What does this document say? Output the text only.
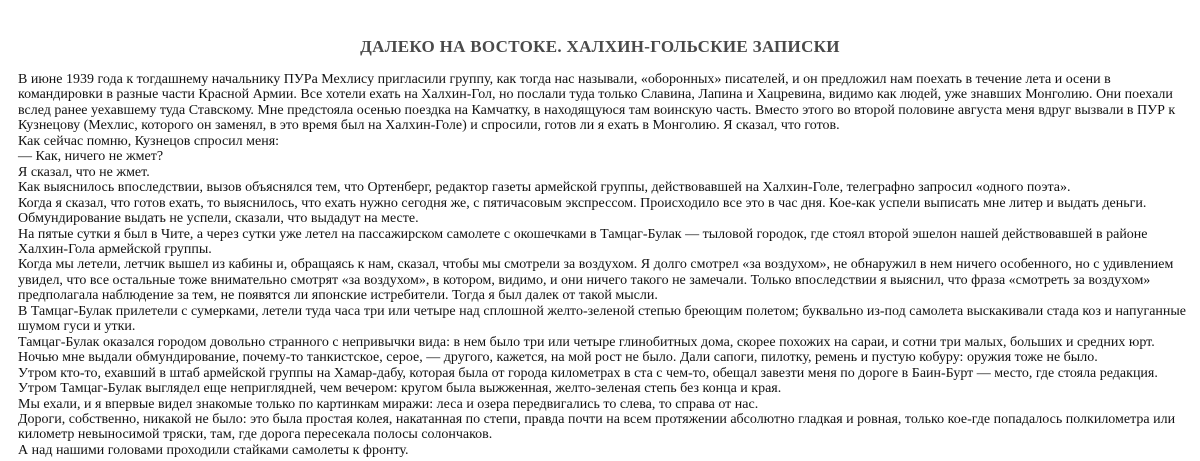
ДАЛЕКО НА ВОСТОКЕ. ХАЛХИН-ГОЛЬСКИЕ ЗАПИСКИ

В июне 1939 года к тогдашнему начальнику ПУРа Мехлису пригласили группу, как тогда нас называли, «оборонных» писателей, и он предложил нам поехать в течение лета и осени в командировки в разные части Красной Армии. Все хотели ехать на Халхин-Гол, но послали туда только Славина, Лапина и Хацревина, видимо как людей, уже знавших Монголию. Они поехали вслед ранее уехавшему туда Ставскому. Мне предстояла осенью поездка на Камчатку, в находящуюся там воинскую часть. Вместо этого во второй половине августа меня вдруг вызвали в ПУР к Кузнецову (Мехлис, которого он заменял, в это время был на Халхин-Голе) и спросили, готов ли я ехать в Монголию. Я сказал, что готов.

Как сейчас помню, Кузнецов спросил меня:

— Как, ничего не жмет?

Я сказал, что не жмет.

Как выяснилось впоследствии, вызов объяснялся тем, что Ортенберг, редактор газеты армейской группы, действовавшей на Халхин-Голе, телеграфно запросил «одного поэта».

Когда я сказал, что готов ехать, то выяснилось, что ехать нужно сегодня же, с пятичасовым экспрессом. Происходило все это в час дня. Кое-как успели выписать мне литер и выдать деньги. Обмундирование выдать не успели, сказали, что выдадут на месте.

На пятые сутки я был в Чите, а через сутки уже летел на пассажирском самолете с окошечками в Тамцаг-Булак — тыловой городок, где стоял второй эшелон нашей действовавшей в районе Халхин-Гола армейской группы.

Когда мы летели, летчик вышел из кабины и, обращаясь к нам, сказал, чтобы мы смотрели за воздухом. Я долго смотрел «за воздухом», не обнаружил в нем ничего особенного, но с удивлением увидел, что все остальные тоже внимательно смотрят «за воздухом», в котором, видимо, и они ничего такого не замечали. Только впоследствии я выяснил, что фраза «смотреть за воздухом» предполагала наблюдение за тем, не появятся ли японские истребители. Тогда я был далек от такой мысли.

В Тамцаг-Булак прилетели с сумерками, летели туда часа три или четыре над сплошной желто-зеленой степью бреющим полетом; буквально из-под самолета выскакивали стада коз и напуганные шумом гуси и утки.

Тамцаг-Булак оказался городом довольно странного с непривычки вида: в нем было три или четыре глинобитных дома, скорее похожих на сараи, и сотни три малых, больших и средних юрт.

Ночью мне выдали обмундирование, почему-то танкистское, серое, — другого, кажется, на мой рост не было. Дали сапоги, пилотку, ремень и пустую кобуру: оружия тоже не было.

Утром кто-то, ехавший в штаб армейской группы на Хамар-дабу, которая была от города километрах в ста с чем-то, обещал завезти меня по дороге в Баин-Бурт — место, где стояла редакция. Утром Тамцаг-Булак выглядел еще неприглядней, чем вечером: кругом была выжженная, желто-зеленая степь без конца и края.

Мы ехали, и я впервые видел знакомые только по картинкам миражи: леса и озера передвигались то слева, то справа от нас.

Дороги, собственно, никакой не было: это была простая колея, накатанная по степи, правда почти на всем протяжении абсолютно гладкая и ровная, только кое-где попадалось полкилометра или километр невыносимой тряски, там, где дорога пересекала полосы солончаков.

А над нашими головами проходили стайками самолеты к фронту.
